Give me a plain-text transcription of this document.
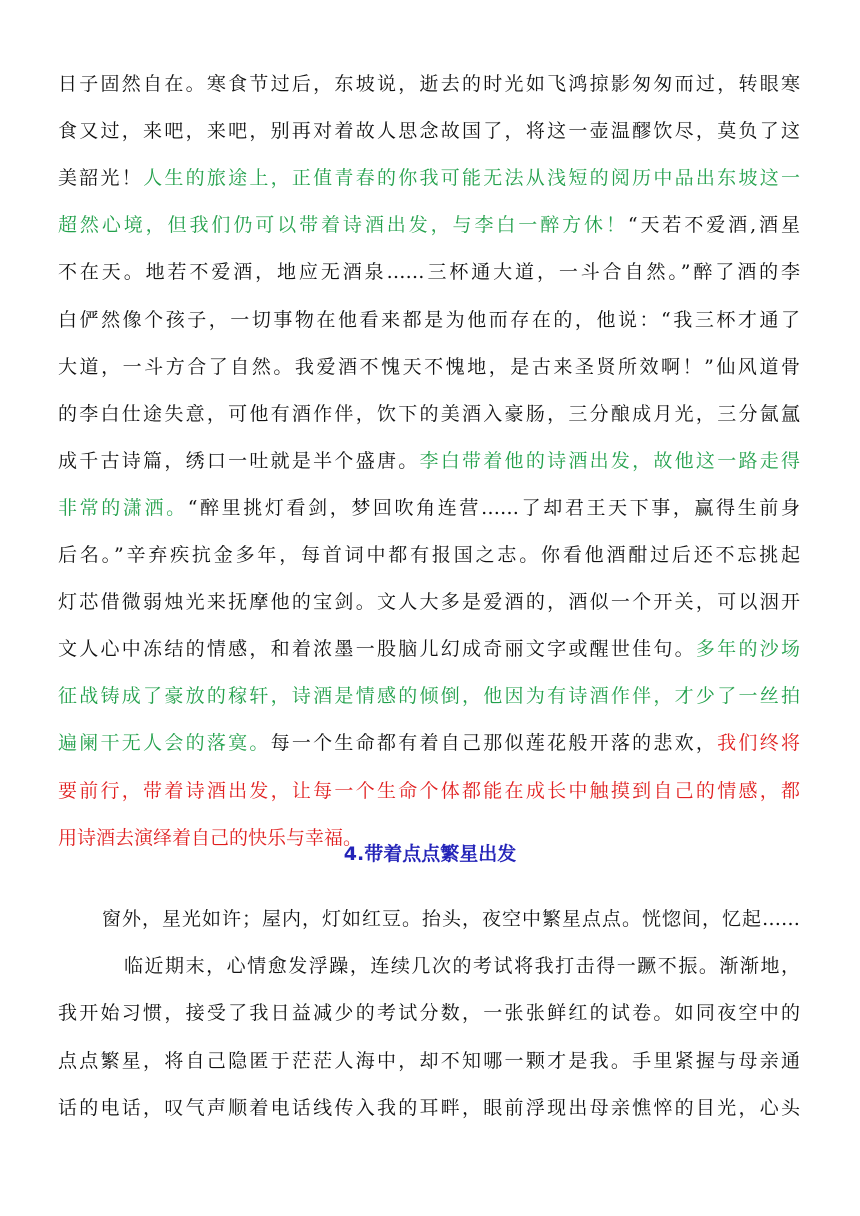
日子固然自在。寒食节过后，东坡说，逝去的时光如飞鸿掠影匆匆而过，转眼寒
食又过，来吧，来吧，别再对着故人思念故国了，将这一壶温醪饮尽，莫负了这
美韶光！人生的旅途上，正值青春的你我可能无法从浅短的阅历中品出东坡这一
超然心境，但我们仍可以带着诗酒出发，与李白一醉方休！“天若不爱酒,酒星
不在天。地若不爱酒，地应无酒泉……三杯通大道，一斗合自然。”醉了酒的李
白俨然像个孩子，一切事物在他看来都是为他而存在的，他说：“我三杯才通了
大道，一斗方合了自然。我爱酒不愧天不愧地，是古来圣贤所效啊！”仙风道骨
的李白仕途失意，可他有酒作伴，饮下的美酒入豪肠，三分酿成月光，三分氤氲
成千古诗篇，绣口一吐就是半个盛唐。李白带着他的诗酒出发，故他这一路走得
非常的潇洒。“醉里挑灯看剑，梦回吹角连营……了却君王天下事，赢得生前身
后名。”辛弃疾抗金多年，每首词中都有报国之志。你看他酒酣过后还不忘挑起
灯芯借微弱烛光来抚摩他的宝剑。文人大多是爱酒的，酒似一个开关，可以洇开
文人心中冻结的情感，和着浓墨一股脑儿幻成奇丽文字或醒世佳句。多年的沙场
征战铸成了豪放的稼轩，诗酒是情感的倾倒，他因为有诗酒作伴，才少了一丝拍
遍阑干无人会的落寞。每一个生命都有着自己那似莲花般开落的悲欢，我们终将
要前行，带着诗酒出发，让每一个生命个体都能在成长中触摸到自己的情感，都
用诗酒去演绎着自己的快乐与幸福。
4.带着点点繁星出发
窗外，星光如许；屋内，灯如红豆。抬头，夜空中繁星点点。恍惚间，忆起……
临近期末，心情愈发浮躁，连续几次的考试将我打击得一蹶不振。渐渐地，
我开始习惯，接受了我日益减少的考试分数，一张张鲜红的试卷。如同夜空中的
点点繁星，将自己隐匿于茫茫人海中，却不知哪一颗才是我。手里紧握与母亲通
话的电话，叹气声顺着电话线传入我的耳畔，眼前浮现出母亲憔悴的目光，心头
